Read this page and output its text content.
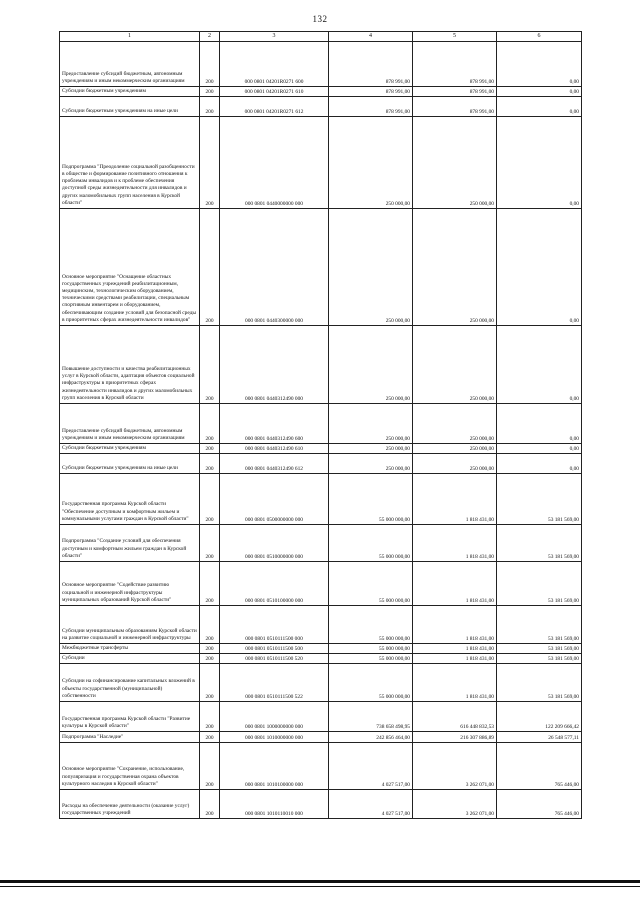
132
1	2	3	4	5	6
Предоставление субсидий бюджетным, автономным учреждениям и иным некоммерческим организациям	200	000 0801 04201R0271 600	878 991,00	878 991,00	0,00
Субсидии бюджетным учреждениям	200	000 0801 04201R0271 610	878 991,00	878 991,00	0,00
Субсидии бюджетным учреждениям на иные цели	200	000 0801 04201R0271 612	878 991,00	878 991,00	0,00
Подпрограмма "Преодоление социальной разобщенности в обществе и формирование позитивного отношения к проблемам инвалидов и к проблеме обеспечения доступной среды жизнедеятельности для инвалидов и других маломобильных групп населения в Курской области"	200	000 0801 0440000000 000	250 000,00	250 000,00	0,00
Основное мероприятие "Оснащение областных государственных учреждений реабилитационным, медицинским, технологическим оборудованием, техническими средствами реабилитации, специальным спортивным инвентарем и оборудованием, обеспечивающим создание условий для безопасной среды в приоритетных сферах жизнедеятельности инвалидов"	200	000 0801 0440300000 000	250 000,00	250 000,00	0,00
Повышение доступности и качества реабилитационных услуг в Курской области, адаптация объектов социальной инфраструктуры в приоритетных сферах жизнедеятельности инвалидов и других маломобильных групп населения в Курской области	200	000 0801 0440312490 000	250 000,00	250 000,00	0,00
Предоставление субсидий бюджетным, автономным учреждениям и иным некоммерческим организациям	200	000 0801 0440312490 600	250 000,00	250 000,00	0,00
Субсидии бюджетным учреждениям	200	000 0801 0440312490 610	250 000,00	250 000,00	0,00
Субсидии бюджетным учреждениям на иные цели	200	000 0801 0440312490 612	250 000,00	250 000,00	0,00
Государственная программа Курской области "Обеспечение доступным и комфортным жильем и коммунальными услугами граждан в Курской области"	200	000 0801 0500000000 000	55 000 000,00	1 818 431,00	53 181 569,00
Подпрограмма "Создание условий для обеспечения доступным и комфортным жильем граждан в Курской области"	200	000 0801 0510000000 000	55 000 000,00	1 818 431,00	53 181 569,00
Основное мероприятие "Содействие развитию социальной и инженерной инфраструктуры муниципальных образований Курской области"	200	000 0801 0510100000 000	55 000 000,00	1 818 431,00	53 181 569,00
Субсидии муниципальным образованиям Курской области на развитие социальной и инженерной инфраструктуры	200	000 0801 0510111500 000	55 000 000,00	1 818 431,00	53 181 569,00
Межбюджетные трансферты	200	000 0801 0510111500 500	55 000 000,00	1 818 431,00	53 181 569,00
Субсидии	200	000 0801 0510111500 520	55 000 000,00	1 818 431,00	53 181 569,00
Субсидии на софинансирование капитальных вложений в объекты государственной (муниципальной) собственности	200	000 0801 0510111500 522	55 000 000,00	1 818 431,00	53 181 569,00
Государственная программа Курской области "Развитие культуры в Курской области"	200	000 0801 1000000000 000	738 658 498,95	616 448 832,53	122 209 666,42
Подпрограмма "Наследие"	200	000 0801 1010000000 000	242 856 464,00	216 307 886,89	26 548 577,11
Основное мероприятие "Сохранение, использование, популяризация и государственная охрана объектов культурного наследия в Курской области"	200	000 0801 1010100000 000	4 027 517,00	3 262 071,00	765 446,00
Расходы на обеспечение деятельности (оказание услуг) государственных учреждений	200	000 0801 1010110010 000	4 027 517,00	3 262 071,00	765 446,00
